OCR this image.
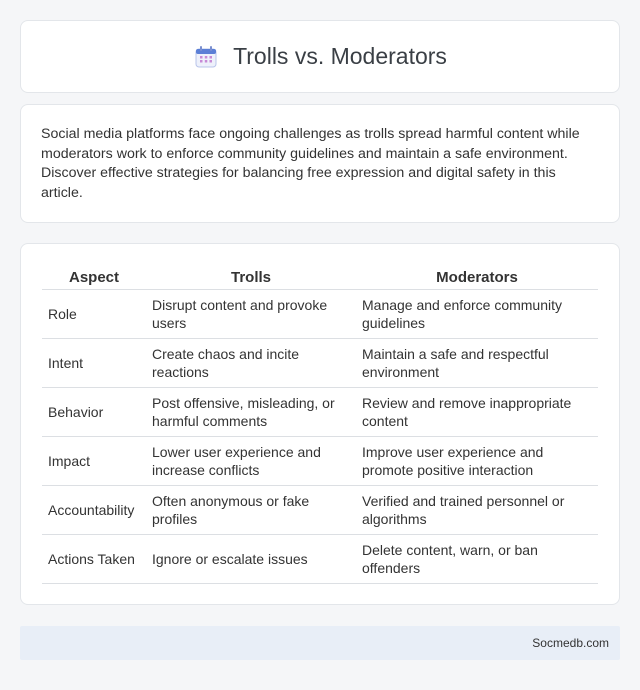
Trolls vs. Moderators

Social media platforms face ongoing challenges as trolls spread harmful content while moderators work to enforce community guidelines and maintain a safe environment. Discover effective strategies for balancing free expression and digital safety in this article.

Aspect	Trolls	Moderators
Role	Disrupt content and provoke users	Manage and enforce community guidelines
Intent	Create chaos and incite reactions	Maintain a safe and respectful environment
Behavior	Post offensive, misleading, or harmful comments	Review and remove inappropriate content
Impact	Lower user experience and increase conflicts	Improve user experience and promote positive interaction
Accountability	Often anonymous or fake profiles	Verified and trained personnel or algorithms
Actions Taken	Ignore or escalate issues	Delete content, warn, or ban offenders
Socmedb.com
